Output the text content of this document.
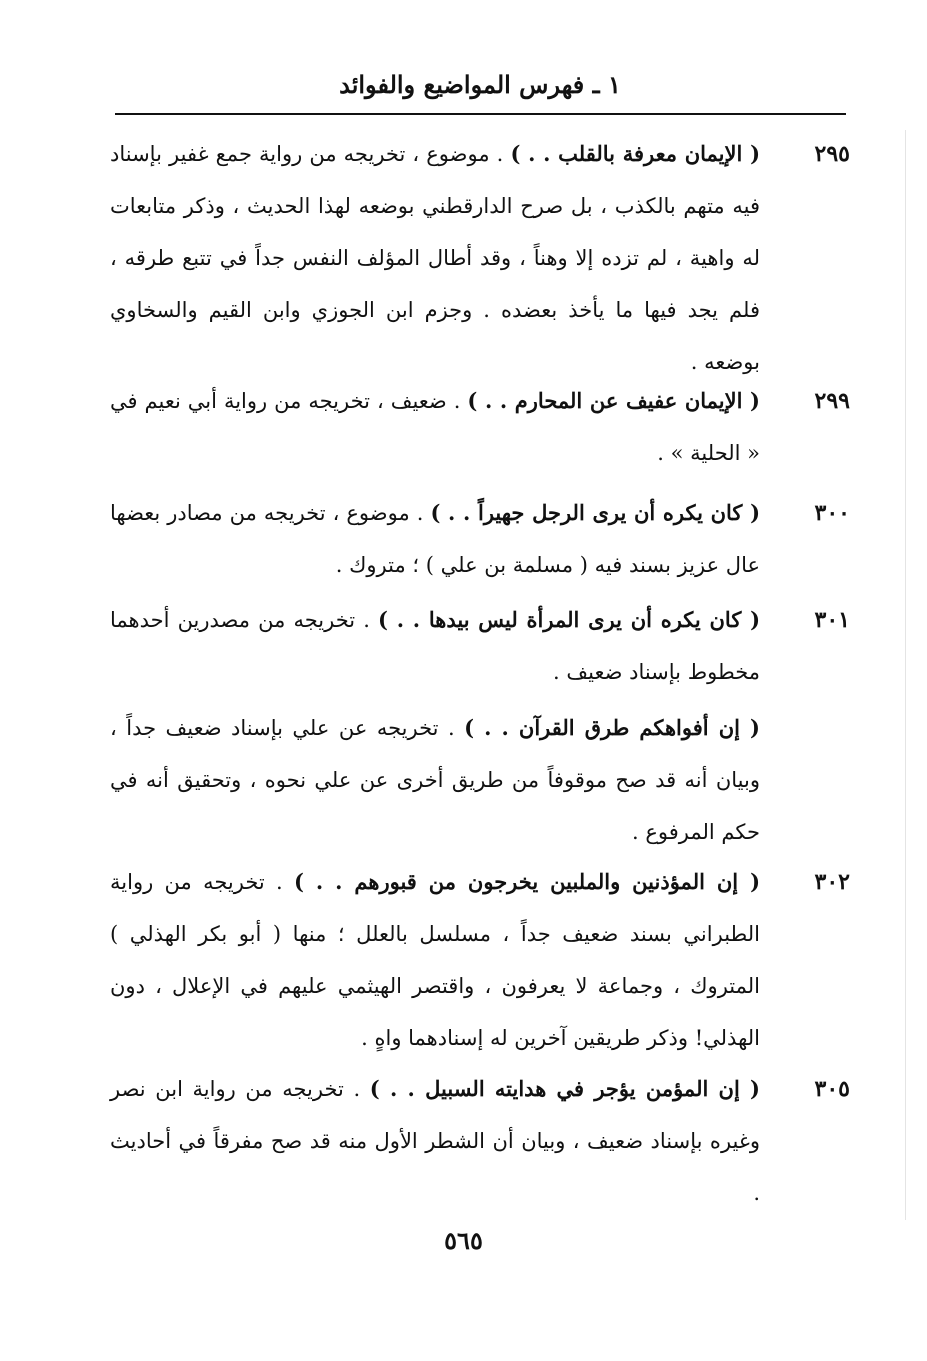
١ ـ فهرس المواضيع والفوائد
٢٩٥
( الإيمان معرفة بالقلب . . ) . موضوع ، تخريجه من رواية جمع غفير بإسناد فيه متهم بالكذب ، بل صرح الدارقطني بوضعه لهذا الحديث ، وذكر متابعات له واهية ، لم تزده إلا وهناً ، وقد أطال المؤلف النفس جداً في تتبع طرقه ، فلم يجد فيها ما يأخذ بعضده . وجزم ابن الجوزي وابن القيم والسخاوي بوضعه .
٢٩٩
( الإيمان عفيف عن المحارم . . ) . ضعيف ، تخريجه من رواية أبي نعيم في « الحلية » .
٣٠٠
( كان يكره أن يرى الرجل جهيراً . . ) . موضوع ، تخريجه من مصادر بعضها عال عزيز بسند فيه ( مسلمة بن علي ) ؛ متروك .
٣٠١
( كان يكره أن يرى المرأة ليس بيدها . . ) . تخريجه من مصدرين أحدهما مخطوط بإسناد ضعيف .
( إن أفواهكم طرق القرآن . . ) . تخريجه عن علي بإسناد ضعيف جداً ، وبيان أنه قد صح موقوفاً من طريق أخرى عن علي نحوه ، وتحقيق أنه في حكم المرفوع .
٣٠٢
( إن المؤذنين والملبين يخرجون من قبورهم . . ) . تخريجه من رواية الطبراني بسند ضعيف جداً ، مسلسل بالعلل ؛ منها ( أبو بكر الهذلي ) المتروك ، وجماعة لا يعرفون ، واقتصر الهيثمي عليهم في الإعلال ، دون الهذلي! وذكر طريقين آخرين له إسنادهما واهٍ .
٣٠٥
( إن المؤمن يؤجر في هدايته السبيل . . ) . تخريجه من رواية ابن نصر وغيره بإسناد ضعيف ، وبيان أن الشطر الأول منه قد صح مفرقاً في أحاديث .
٥٦٥
